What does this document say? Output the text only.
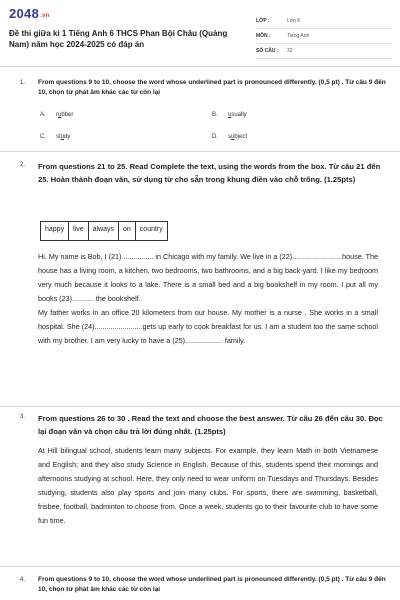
2048.vn
Đề thi giữa kì 1 Tiếng Anh 6 THCS Phan Bội Châu (Quảng Nam) năm học 2024-2025 có đáp án
LỚP :	Lớp 6
MÔN :	Tiếng Anh
SỐ CÂU :	32
1. From questions 9 to 10, choose the word whose underlined part is pronounced differently. (0,5 pt) . Từ câu 9 đến 10, chọn từ phát âm khác các từ còn lại
A. rubber	B. usually
C. study	D. subject
2. From questions 21 to 25. Read Complete the text, using the words from the box. Từ câu 21 đến 25. Hoàn thành đoạn văn, sử dụng từ cho sẵn trong khung điền vào chỗ trống. (1.25pts)
happy	live	always	on	country

Hi. My name is Bob, I (21) ............... in Chicago with my family. We live in a (22).........................house. The house has a living room, a kitchen, two bedrooms, two bathrooms, and a big back-yard. I like my bedroom very much because it looks to a lake. There is a small bed and a big bookshelf in my room. I put all my books (23)........... the bookshelf.

My father works in an office 20 kilometers from our house. My mother is a nurse . She works in a small hospital. She (24)........................gets up early to cook breakfast for us. I am a student too the same school with my brother. I am very lucky to have a (25)................... family.

3. From questions 26 to 30 . Read the text and choose the best answer. Từ câu 26 đến câu 30. Đọc lại đoạn văn và chọn câu trả lời đúng nhất. (1.25pts)

At Hill bilingual school, students learn many subjects. For example, they learn Math in both Vietnamese and English; and they also study Science in English. Because of this, students spend their mornings and afternoons studying at school. Here, they only need to wear uniform on Tuesdays and Thursdays. Besides studying, students also play sports and join many clubs. For sports, there are swimming, basketball, frisbee, football, badminton to choose from. Once a week, students go to their favourite club to have some fun time.

4. From questions 9 to 10, choose the word whose underlined part is pronounced differently. (0,5 pt) . Từ câu 9 đến 10, chọn từ phát âm khác các từ còn lại
